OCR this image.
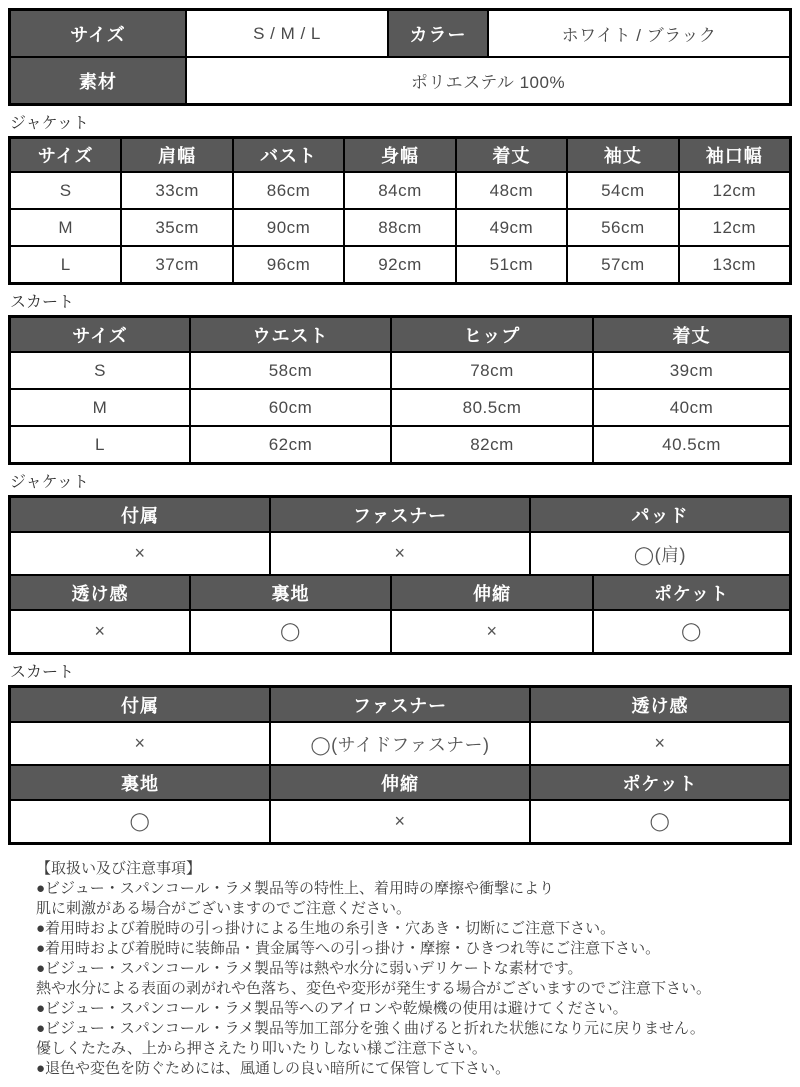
サイズ	S / M / L	カラー	ホワイト / ブラック
素材	ポリエステル 100%
ジャケット
サイズ	肩幅	バスト	身幅	着丈	袖丈	袖口幅
S	33cm	86cm	84cm	48cm	54cm	12cm
M	35cm	90cm	88cm	49cm	56cm	12cm
L	37cm	96cm	92cm	51cm	57cm	13cm
スカート
サイズ	ウエスト	ヒップ	着丈
S	58cm	78cm	39cm
M	60cm	80.5cm	40cm
L	62cm	82cm	40.5cm
ジャケット
付属	ファスナー	パッド
×	×	◯(肩)
透け感	裏地	伸縮	ポケット
×	◯	×	◯
スカート
付属	ファスナー	透け感
×	◯(サイドファスナー)	×
裏地	伸縮	ポケット
◯	×	◯
【取扱い及び注意事項】
●ビジュー・スパンコール・ラメ製品等の特性上、着用時の摩擦や衝撃により
肌に刺激がある場合がございますのでご注意ください。
●着用時および着脱時の引っ掛けによる生地の糸引き・穴あき・切断にご注意下さい。
●着用時および着脱時に装飾品・貴金属等への引っ掛け・摩擦・ひきつれ等にご注意下さい。
●ビジュー・スパンコール・ラメ製品等は熱や水分に弱いデリケートな素材です。
熱や水分による表面の剥がれや色落ち、変色や変形が発生する場合がございますのでご注意下さい。
●ビジュー・スパンコール・ラメ製品等へのアイロンや乾燥機の使用は避けてください。
●ビジュー・スパンコール・ラメ製品等加工部分を強く曲げると折れた状態になり元に戻りません。
優しくたたみ、上から押さえたり叩いたりしない様ご注意下さい。
●退色や変色を防ぐためには、風通しの良い暗所にて保管して下さい。
